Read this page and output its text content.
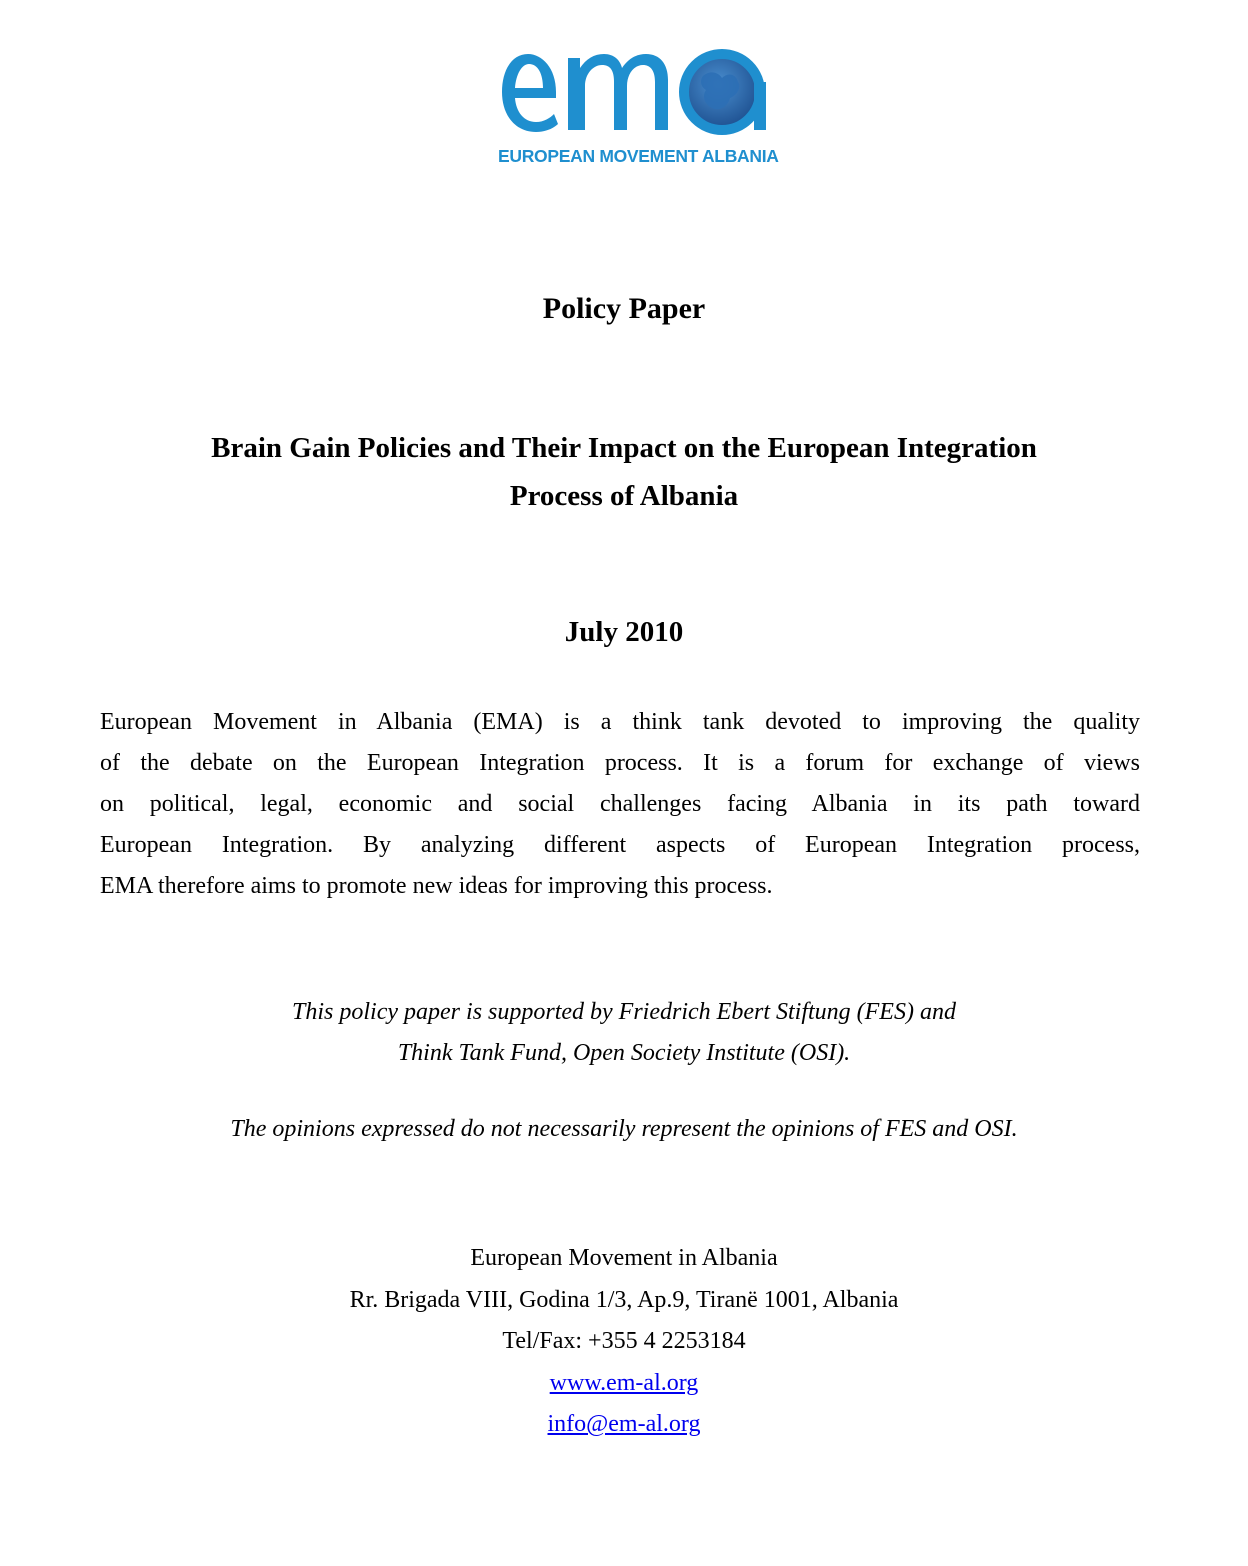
EUROPEAN MOVEMENT ALBANIA
Policy Paper
Brain Gain Policies and Their Impact on the European Integration
Process of Albania
July 2010
European Movement in Albania (EMA) is a think tank devoted to improving the quality
of the debate on the European Integration process. It is a forum for exchange of views
on political, legal, economic and social challenges facing Albania in its path toward
European Integration. By analyzing different aspects of European Integration process,
EMA therefore aims to promote new ideas for improving this process.
This policy paper is supported by Friedrich Ebert Stiftung (FES) and
Think Tank Fund, Open Society Institute (OSI).
The opinions expressed do not necessarily represent the opinions of FES and OSI.
European Movement in Albania
Rr. Brigada VIII, Godina 1/3, Ap.9, Tiranë 1001, Albania
Tel/Fax: +355 4 2253184
www.em-al.org
info@em-al.org
